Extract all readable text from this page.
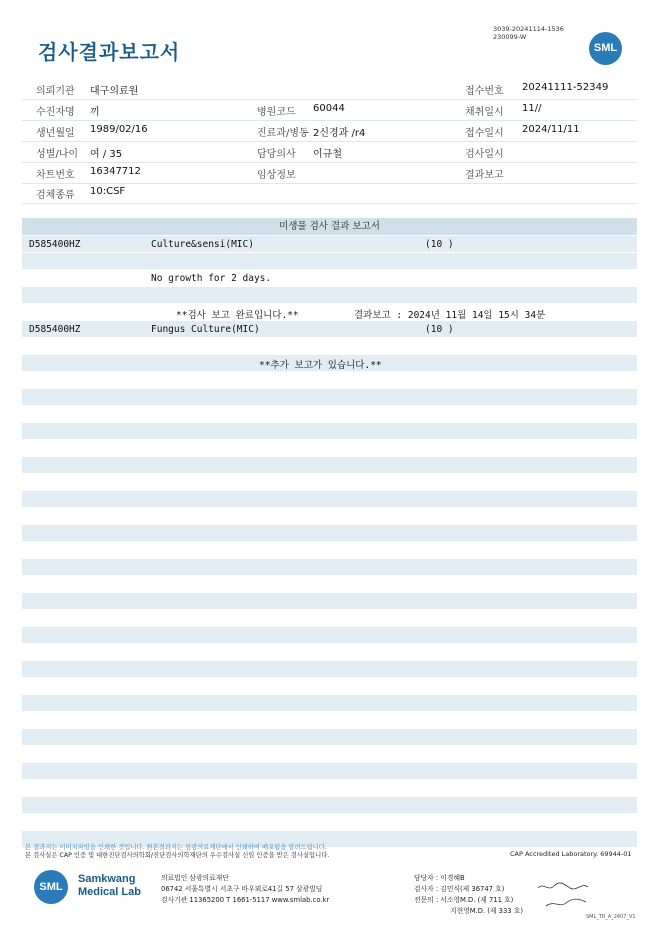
검사결과보고서
3039-20241114-1536
230099-W
SML
의뢰기관 대구의료원	접수번호 20241111-52349
수진자명 끼	병원코드 60044	채취일시 11//
생년월일 1989/02/16	진료과/병동 2신경과 /r4	접수일시 2024/11/11
성별/나이 여 / 35	담당의사 이규철	검사일시
차트번호 16347712	임상정보	결과보고
검체종류 10:CSF
미생물 검사 결과 보고서
D585400HZ	Culture&sensi(MIC)	(10 )
No growth for 2 days.
**검사 보고 완료입니다.**	결과보고 : 2024년 11월 14일 15시 34분
D585400HZ	Fungus Culture(MIC)	(10 )
**추가 보고가 있습니다.**
본 결과지는 이미지파일을 인쇄한 것입니다. 원본결과지는 삼광의료재단에서 인쇄하여 배포됨을 알려드립니다.
본 검사실은 CAP 인증 및 대한진단검사의학회/진단검사의학재단의 우수검사실 신임 인증을 받은 검사실입니다.	CAP Accredited Laboratory. 69944-01
SML
Samkwang
Medical Lab
의료법인 삼광의료재단
06742 서울특별시 서초구 바우뫼로41길 57 삼광빌딩
검사기관 11365200 T 1661-5117 www.smlab.co.kr
담당자 : 이경혜B
검사자 : 김민식(제 36747 호)
전문의 : 서소영M.D. (제 711 호)
지현영M.D. (제 333 호)
SML_TR_A_2407_V1
